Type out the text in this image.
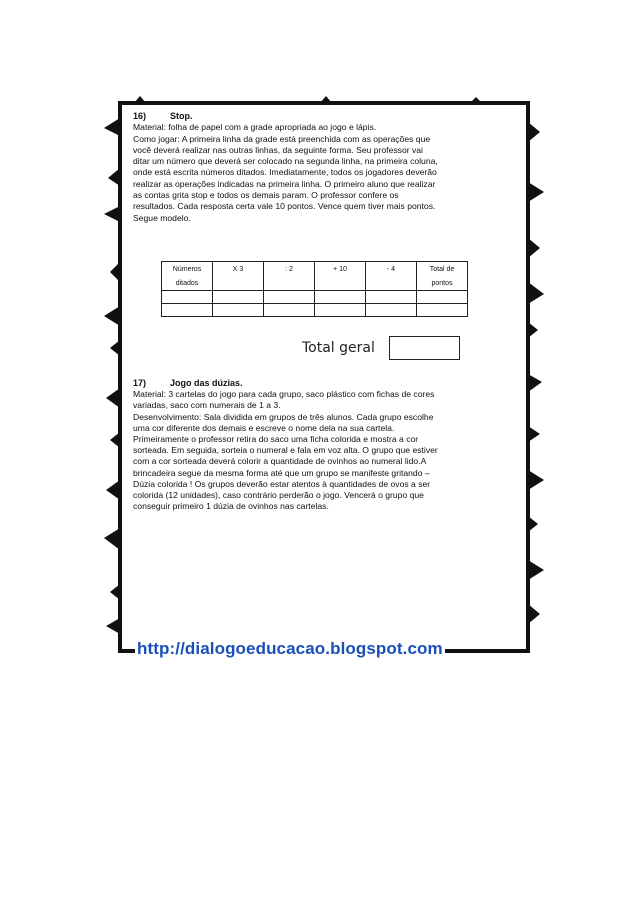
16)	Stop.

Material: folha de papel com a grade apropriada ao jogo e lápis.

Como jogar: A primeira linha da grade está preenchida com as operações que

você deverá realizar nas outras linhas, da seguinte forma. Seu professor vai

ditar um número que deverá ser colocado na segunda linha, na primeira coluna,

onde está escrita números ditados. Imediatamente, todos os jogadores deverão

realizar as operações indicadas na primeira linha. O primeiro aluno que realizar

as contas grita stop e todos os demais param. O professor confere os

resultados. Cada resposta certa vale 10 pontos. Vence quem tiver mais pontos.

Segue modelo.

Números	X 3	: 2	+ 10	- 4	Total de
ditados					pontos

Total geral
17)	Jogo das dúzias.

Material: 3 cartelas do jogo para cada grupo, saco plástico com fichas de cores

variadas, saco com numerais de 1 a 3.

Desenvolvimento: Sala dividida em grupos de três alunos. Cada grupo escolhe

uma cor diferente dos demais e escreve o nome dela na sua cartela.

Primeiramente o professor retira do saco uma ficha colorida e mostra a cor

sorteada. Em seguida, sorteia o numeral e fala em voz alta. O grupo que estiver

com a cor sorteada deverá colorir a quantidade de ovinhos ao numeral lido.A

brincadeira segue da mesma forma até que um grupo se manifeste gritando –

Dúzia colorida ! Os grupos deverão estar atentos à quantidades de ovos a ser

colorida (12 unidades), caso contrário perderão o jogo. Vencerá o grupo que

conseguir primeiro 1 dúzia de ovinhos nas cartelas.

http://dialogoeducacao.blogspot.com
